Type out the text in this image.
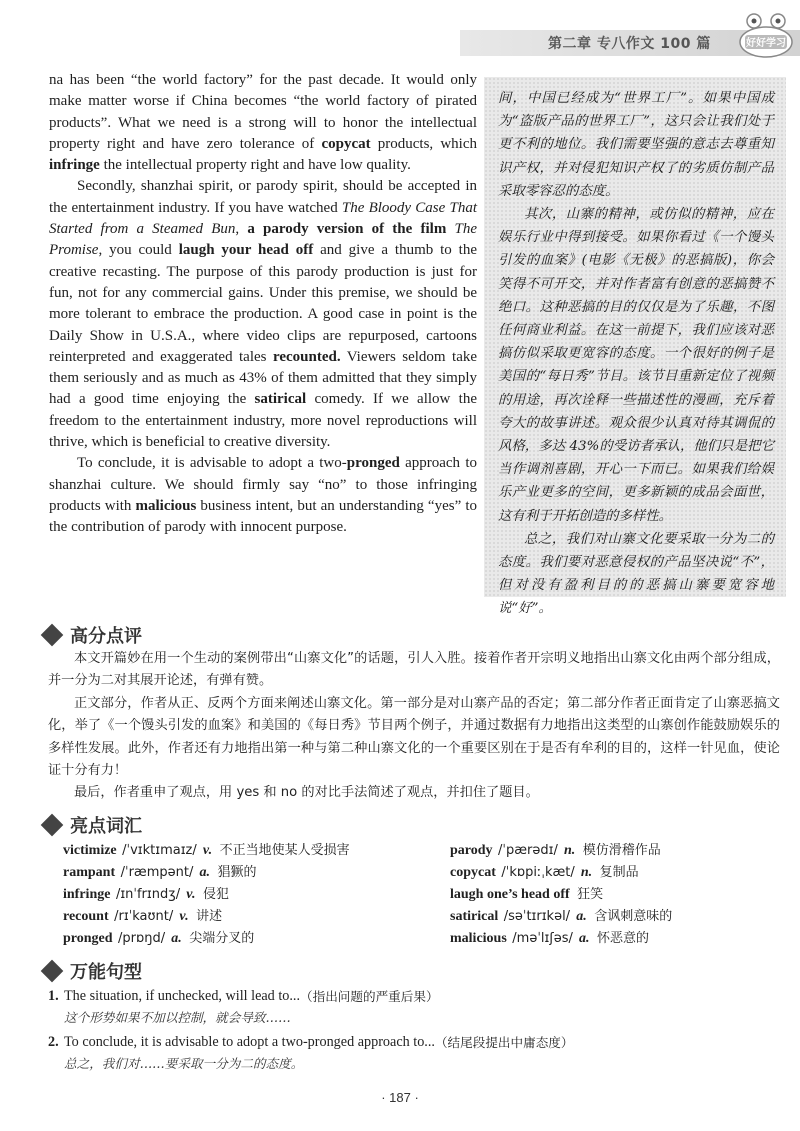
第二章 专八作文 100 篇	好好学习

na has been “the world factory” for the past decade. It would only make matter worse if China becomes “the world factory of pirated products”. What we need is a strong will to honor the intellectual property right and have zero tolerance of copycat products, which infringe the intellectual property right and have low quality.

Secondly, shanzhai spirit, or parody spirit, should be accepted in the entertainment industry. If you have watched The Bloody Case That Started from a Steamed Bun, a parody version of the film The Promise, you could laugh your head off and give a thumb to the creative recasting. The purpose of this parody production is just for fun, not for any commercial gains. Under this premise, we should be more tolerant to embrace the production. A good case in point is the Daily Show in U.S.A., where video clips are repurposed, cartoons reinterpreted and exaggerated tales recounted. Viewers seldom take them seriously and as much as 43% of them admitted that they simply had a good time enjoying the satirical comedy. If we allow the freedom to the entertainment industry, more novel reproductions will thrive, which is beneficial to creative diversity.

To conclude, it is advisable to adopt a two-pronged approach to shanzhai culture. We should firmly say “no” to those infringing products with malicious business intent, but an understanding “yes” to the contribution of parody with innocent purpose.

间，中国已经成为“世界工厂”。如果中国成为“盗版产品的世界工厂”，这只会让我们处于更不利的地位。我们需要坚强的意志去尊重知识产权，并对侵犯知识产权了的劣质仿制产品采取零容忍的态度。

其次，山寨的精神，或仿似的精神，应在娱乐行业中得到接受。如果你看过《一个馒头引发的血案》(电影《无极》的恶搞版)，你会笑得不可开交，并对作者富有创意的恶搞赞不绝口。这种恶搞的目的仅仅是为了乐趣，不图任何商业利益。在这一前提下，我们应该对恶搞仿似采取更宽容的态度。一个很好的例子是美国的“每日秀”节目。该节目重新定位了视频的用途，再次诠释一些描述性的漫画，充斥着夸大的故事讲述。观众很少认真对待其调侃的风格，多达 43%的受访者承认，他们只是把它当作调剂喜剧，开心一下而已。如果我们给娱乐产业更多的空间，更多新颖的成品会面世，这有利于开拓创造的多样性。

总之，我们对山寨文化要采取一分为二的态度。我们要对恶意侵权的产品坚决说“不”，但对没有盈利目的的恶搞山寨要宽容地说“好”。

高分点评

本文开篇妙在用一个生动的案例带出“山寨文化”的话题，引人入胜。接着作者开宗明义地指出山寨文化由两个部分组成，并一分为二对其展开论述，有弹有赞。

正文部分，作者从正、反两个方面来阐述山寨文化。第一部分是对山寨产品的否定；第二部分作者正面肯定了山寨恶搞文化，举了《一个馒头引发的血案》和美国的《每日秀》节目两个例子，并通过数据有力地指出这类型的山寨创作能鼓励娱乐的多样性发展。此外，作者还有力地指出第一种与第二种山寨文化的一个重要区别在于是否有牟利的目的，这样一针见血，使论证十分有力！

最后，作者重申了观点，用 yes 和 no 的对比手法简述了观点，并扣住了题目。

亮点词汇
victimize /ˈvɪktɪmaɪz/ v. 不正当地使某人受损害
rampant /ˈræmpənt/ a. 猖獗的
infringe /ɪnˈfrɪndʒ/ v. 侵犯
recount /rɪˈkaʊnt/ v. 讲述
pronged /prɒŋd/ a. 尖端分叉的
parody /ˈpærədɪ/ n. 模仿滑稽作品
copycat /ˈkɒpiːˌkæt/ n. 复制品
laugh one’s head off 狂笑
satirical /səˈtɪrɪkəl/ a. 含讽刺意味的
malicious /məˈlɪʃəs/ a. 怀恶意的
万能句型
1. The situation, if unchecked, will lead to... （指出问题的严重后果）
这个形势如果不加以控制，就会导致……
2. To conclude, it is advisable to adopt a two-pronged approach to... （结尾段提出中庸态度）
总之，我们对……要采取一分为二的态度。
· 187 ·
